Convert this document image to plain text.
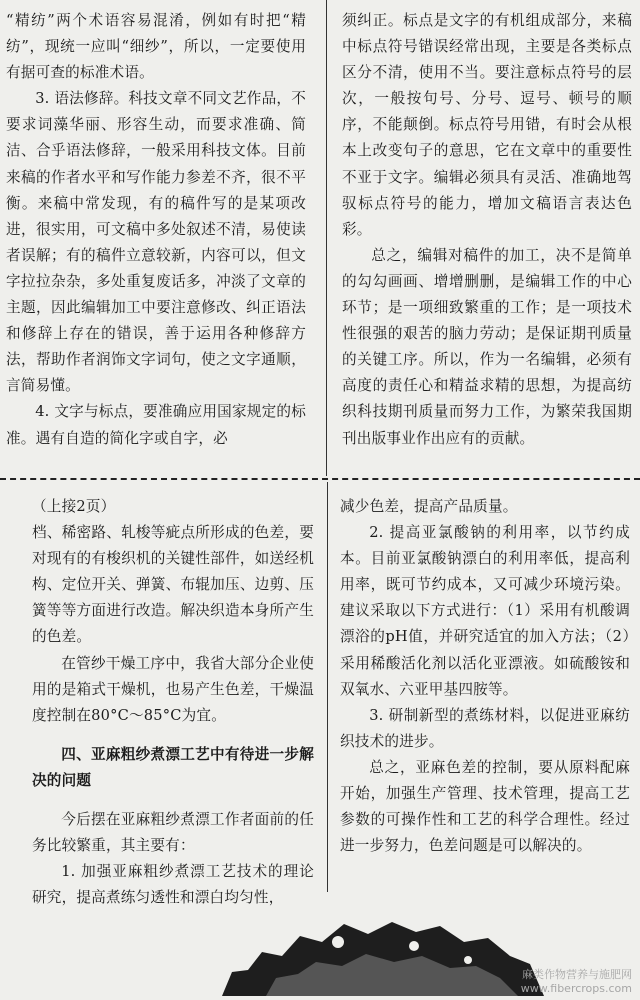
“精纺”两个术语容易混淆，例如有时把“精纺”，现统一应叫“细纱”，所以，一定要使用有据可查的标准术语。

3. 语法修辞。科技文章不同文艺作品，不要求词藻华丽、形容生动，而要求准确、简洁、合乎语法修辞，一般采用科技文体。目前来稿的作者水平和写作能力参差不齐，很不平衡。来稿中常发现，有的稿件写的是某项改进，很实用，可文稿中多处叙述不清，易使读者误解；有的稿件立意较新，内容可以，但文字拉拉杂杂，多处重复废话多，冲淡了文章的主题，因此编辑加工中要注意修改、纠正语法和修辞上存在的错误，善于运用各种修辞方法，帮助作者润饰文字词句，使之文字通顺，言简易懂。

4. 文字与标点，要准确应用国家规定的标准。遇有自造的简化字或自字，必

须纠正。标点是文字的有机组成部分，来稿中标点符号错误经常出现，主要是各类标点区分不清，使用不当。要注意标点符号的层次，一般按句号、分号、逗号、顿号的顺序，不能颠倒。标点符号用错，有时会从根本上改变句子的意思，它在文章中的重要性不亚于文字。编辑必须具有灵活、准确地驾驭标点符号的能力，增加文稿语言表达色彩。

总之，编辑对稿件的加工，决不是简单的勾勾画画、增增删删，是编辑工作的中心环节；是一项细致繁重的工作；是一项技术性很强的艰苦的脑力劳动；是保证期刊质量的关键工序。所以，作为一名编辑，必须有高度的责任心和精益求精的思想，为提高纺织科技期刊质量而努力工作，为繁荣我国期刊出版事业作出应有的贡献。

（上接2页）

档、稀密路、轧梭等疵点所形成的色差，要对现有的有梭织机的关键性部件，如送经机构、定位开关、弹簧、布辊加压、边剪、压簧等等方面进行改造。解决织造本身所产生的色差。

在管纱干燥工序中，我省大部分企业使用的是箱式干燥机，也易产生色差，干燥温度控制在80°C～85°C为宜。

四、亚麻粗纱煮漂工艺中有待进一步解决的问题

今后摆在亚麻粗纱煮漂工作者面前的任务比较繁重，其主要有：

1. 加强亚麻粗纱煮漂工艺技术的理论研究，提高煮练匀透性和漂白均匀性，

减少色差，提高产品质量。

2. 提高亚氯酸钠的利用率，以节约成本。目前亚氯酸钠漂白的利用率低，提高利用率，既可节约成本，又可减少环境污染。建议采取以下方式进行：（1）采用有机酸调漂浴的pH值，并研究适宜的加入方法；（2）采用稀酸活化剂以活化亚漂液。如硫酸铵和双氧水、六亚甲基四胺等。

3. 研制新型的煮练材料，以促进亚麻纺织技术的进步。

总之，亚麻色差的控制，要从原料配麻开始，加强生产管理、技术管理，提高工艺参数的可操作性和工艺的科学合理性。经过进一步努力，色差问题是可以解决的。

麻类作物营养与施肥网
www.fibercrops.com
